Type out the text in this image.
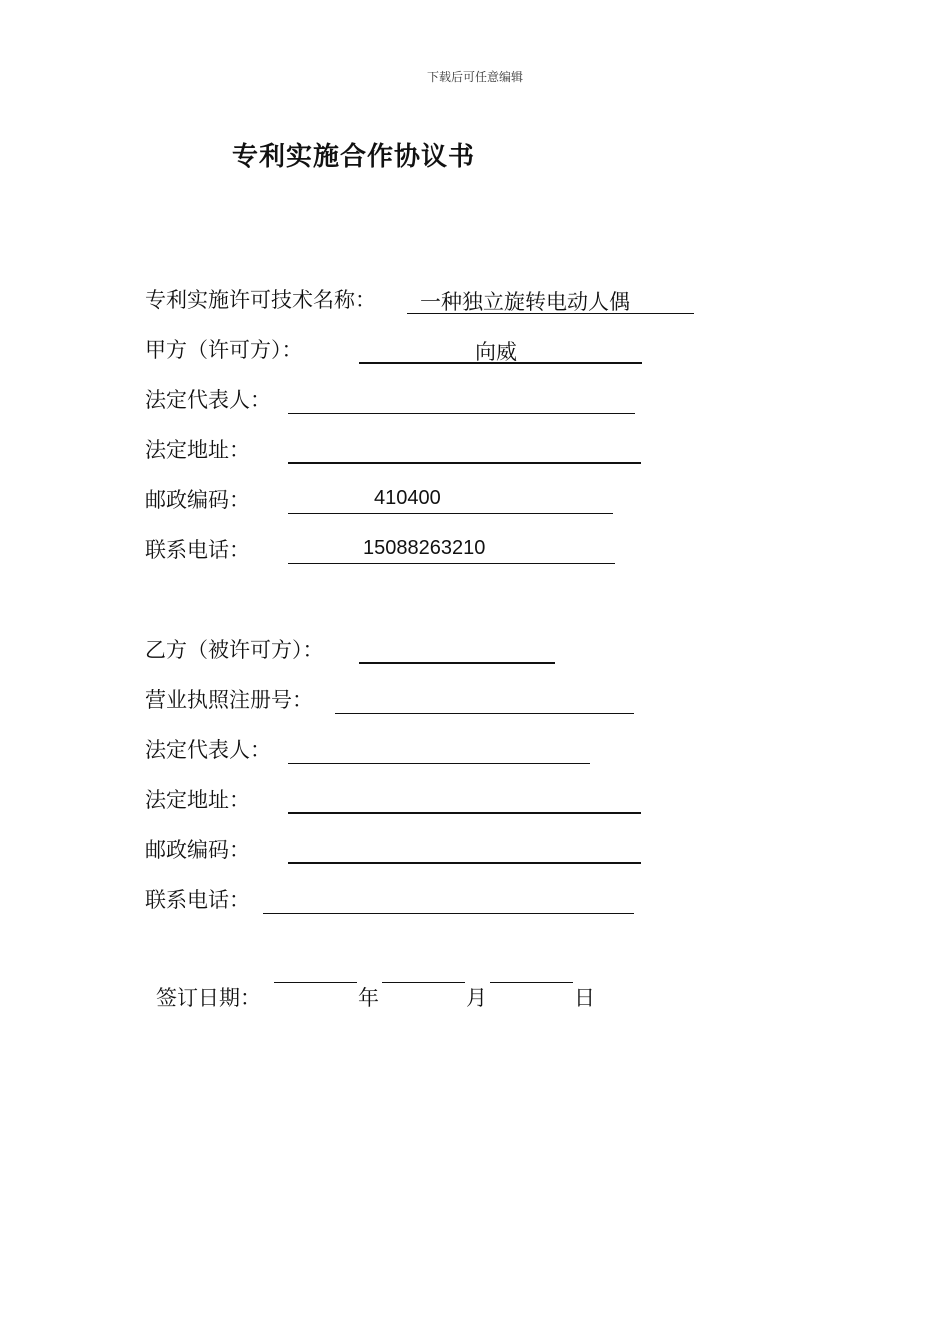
下载后可任意编辑
专利实施合作协议书
专利实施许可技术名称： 一种独立旋转电动人偶
甲方（许可方）：	向威
法定代表人：
法定地址：
邮政编码：	410400
联系电话：	15088263210
乙方（被许可方）：
营业执照注册号：
法定代表人：
法定地址：
邮政编码：
联系电话：
签订日期：	年	月	日
